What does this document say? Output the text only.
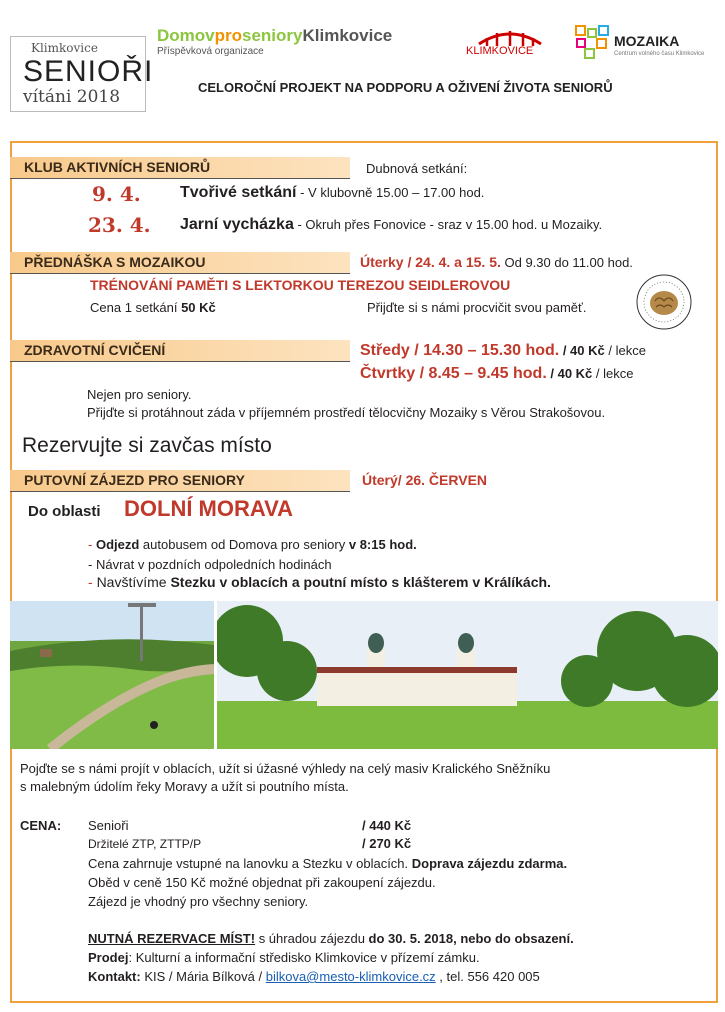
Klimkovice
SENIOŘI
vítáni 2018
DomovprosenioryKlimkovice
Příspěvková organizace	KLIMKOVICE
MOZAIKA
Centrum volného času Klimkovice
CELOROČNÍ PROJEKT NA PODPORU A OŽIVENÍ ŽIVOTA SENIORŮ
KLUB AKTIVNÍCH SENIORŮ	Dubnová setkání:
9. 4. Tvořivé setkání - V klubovně 15.00 – 17.00 hod.
23. 4. Jarní vycházka - Okruh přes Fonovice - sraz v 15.00 hod. u Mozaiky.
PŘEDNÁŠKA S MOZAIKOU	Úterky / 24. 4. a 15. 5. Od 9.30 do 11.00 hod.
TRÉNOVÁNÍ PAMĚTI S LEKTORKOU TEREZOU SEIDLEROVOU
Cena 1 setkání 50 Kč	Přijďte si s námi procvičit svou paměť.
ZDRAVOTNÍ CVIČENÍ	Středy / 14.30 – 15.30 hod. / 40 Kč / lekce
Čtvrtky / 8.45 – 9.45 hod. / 40 Kč / lekce
Nejen pro seniory.
Přijďte si protáhnout záda v příjemném prostředí tělocvičny Mozaiky s Věrou Strakošovou.
Rezervujte si zavčas místo
PUTOVNÍ ZÁJEZD PRO SENIORY	Úterý/ 26. ČERVEN
Do oblasti DOLNÍ MORAVA
- Odjezd autobusem od Domova pro seniory v 8:15 hod.
- Návrat v pozdních odpoledních hodinách
- Navštívíme Stezku v oblacích a poutní místo s klášterem v Králíkách.
Pojďte se s námi projít v oblacích, užít si úžasné výhledy na celý masiv Kralického Sněžníku
s malebným údolím řeky Moravy a užít si poutního místa.
CENA: Senioři	/ 440 Kč
Držitelé ZTP, ZTTP/P	/ 270 Kč
Cena zahrnuje vstupné na lanovku a Stezku v oblacích. Doprava zájezdu zdarma.
Oběd v ceně 150 Kč možné objednat při zakoupení zájezdu.
Zájezd je vhodný pro všechny seniory.
NUTNÁ REZERVACE MÍST! s úhradou zájezdu do 30. 5. 2018, nebo do obsazení.
Prodej: Kulturní a informační středisko Klimkovice v přízemí zámku.
Kontakt: KIS / Mária Bílková / bilkova@mesto-klimkovice.cz , tel. 556 420 005
